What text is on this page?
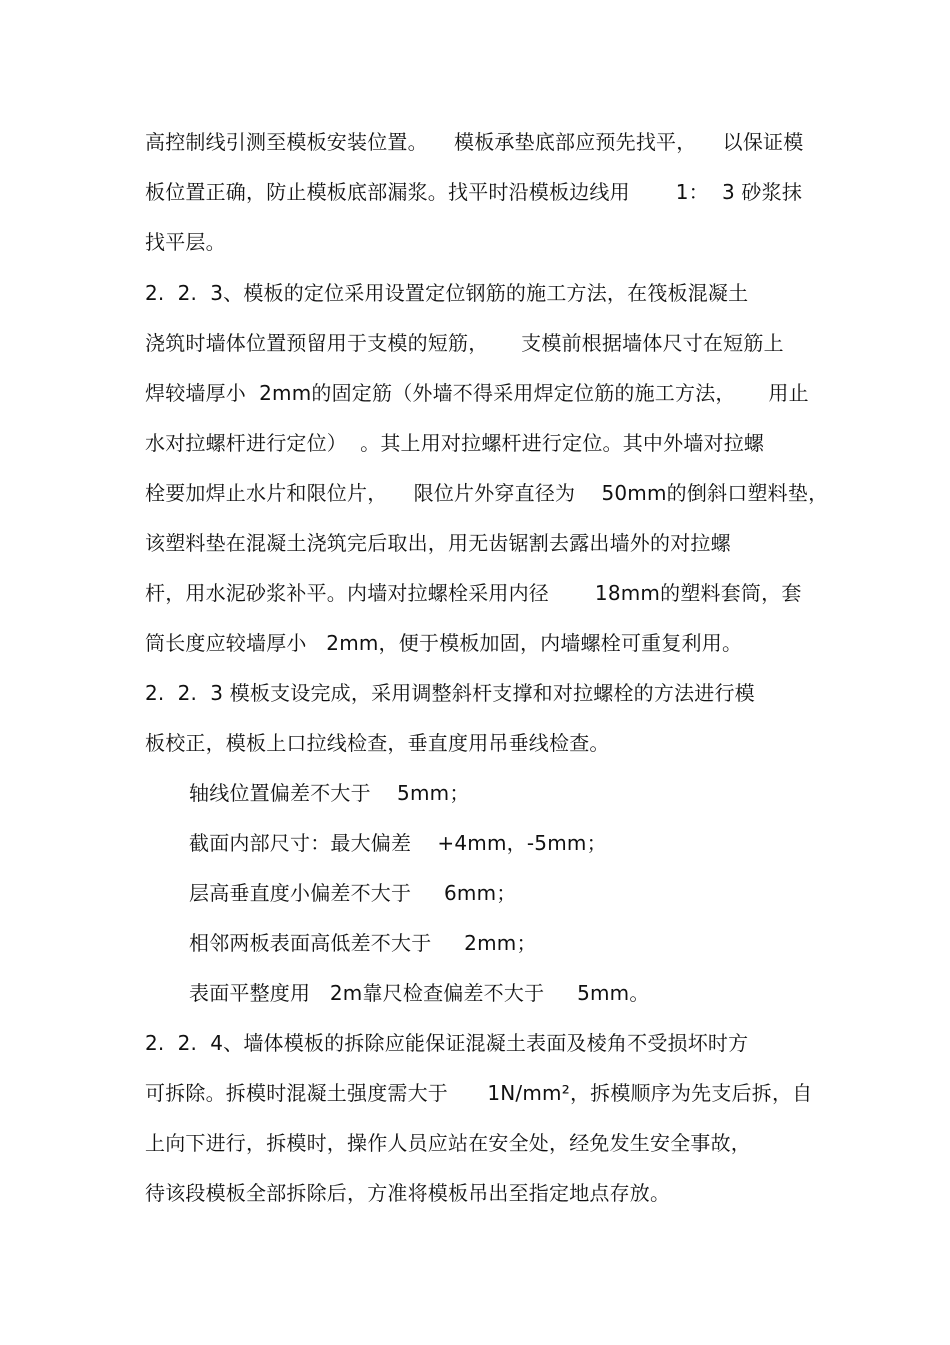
高控制线引测至模板安装位置。    模板承垫底部应预先找平，    以保证模
板位置正确，防止模板底部漏浆。找平时沿模板边线用       1：  3 砂浆抹
找平层。
2.  2.  3、模板的定位采用设置定位钢筋的施工方法，在筏板混凝土
浇筑时墙体位置预留用于支模的短筋，     支模前根据墙体尺寸在短筋上
焊较墙厚小  2mm的固定筋（外墙不得采用焊定位筋的施工方法，     用止
水对拉螺杆进行定位）  。其上用对拉螺杆进行定位。其中外墙对拉螺
栓要加焊止水片和限位片，    限位片外穿直径为    50mm的倒斜口塑料垫，
该塑料垫在混凝土浇筑完后取出，用无齿锯割去露出墙外的对拉螺
杆，用水泥砂浆补平。内墙对拉螺栓采用内径       18mm的塑料套筒，套
筒长度应较墙厚小   2mm，便于模板加固，内墙螺栓可重复利用。
2.  2.  3 模板支设完成，采用调整斜杆支撑和对拉螺栓的方法进行模
板校正，模板上口拉线检查，垂直度用吊垂线检查。
轴线位置偏差不大于    5mm；
截面内部尺寸：最大偏差    +4mm，-5mm；
层高垂直度小偏差不大于     6mm；
相邻两板表面高低差不大于     2mm；
表面平整度用   2m靠尺检查偏差不大于     5mm。
2.  2.  4、墙体模板的拆除应能保证混凝土表面及棱角不受损坏时方
可拆除。拆模时混凝土强度需大于      1N/mm²，拆模顺序为先支后拆，自
上向下进行，拆模时，操作人员应站在安全处，经免发生安全事故，
待该段模板全部拆除后，方准将模板吊出至指定地点存放。
